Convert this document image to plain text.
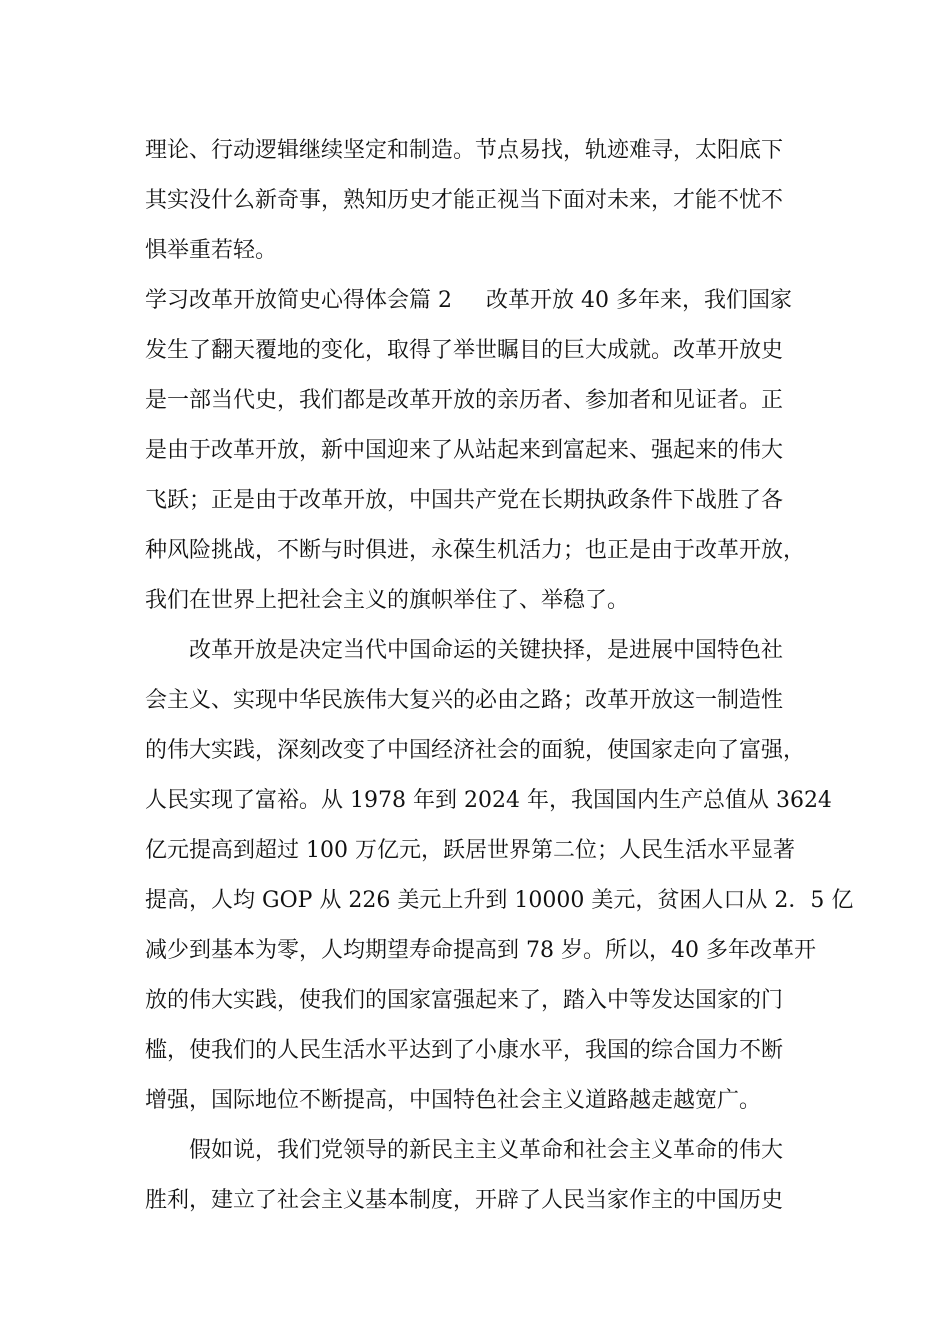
理论、行动逻辑继续坚定和制造。节点易找，轨迹难寻，太阳底下
其实没什么新奇事，熟知历史才能正视当下面对未来，才能不忧不
惧举重若轻。
学习改革开放简史心得体会篇 2 改革开放 40 多年来，我们国家
发生了翻天覆地的变化，取得了举世瞩目的巨大成就。改革开放史
是一部当代史，我们都是改革开放的亲历者、参加者和见证者。正
是由于改革开放，新中国迎来了从站起来到富起来、强起来的伟大
飞跃；正是由于改革开放，中国共产党在长期执政条件下战胜了各
种风险挑战，不断与时俱进，永葆生机活力；也正是由于改革开放，
我们在世界上把社会主义的旗帜举住了、举稳了。
改革开放是决定当代中国命运的关键抉择，是进展中国特色社
会主义、实现中华民族伟大复兴的必由之路；改革开放这一制造性
的伟大实践，深刻改变了中国经济社会的面貌，使国家走向了富强，
人民实现了富裕。从 1978 年到 2024 年，我国国内生产总值从 3624
亿元提高到超过 100 万亿元，跃居世界第二位；人民生活水平显著
提高，人均 GOP 从 226 美元上升到 10000 美元，贫困人口从 2．5 亿
减少到基本为零，人均期望寿命提高到 78 岁。所以，40 多年改革开
放的伟大实践，使我们的国家富强起来了，踏入中等发达国家的门
槛，使我们的人民生活水平达到了小康水平，我国的综合国力不断
增强，国际地位不断提高，中国特色社会主义道路越走越宽广。
假如说，我们党领导的新民主主义革命和社会主义革命的伟大
胜利，建立了社会主义基本制度，开辟了人民当家作主的中国历史
